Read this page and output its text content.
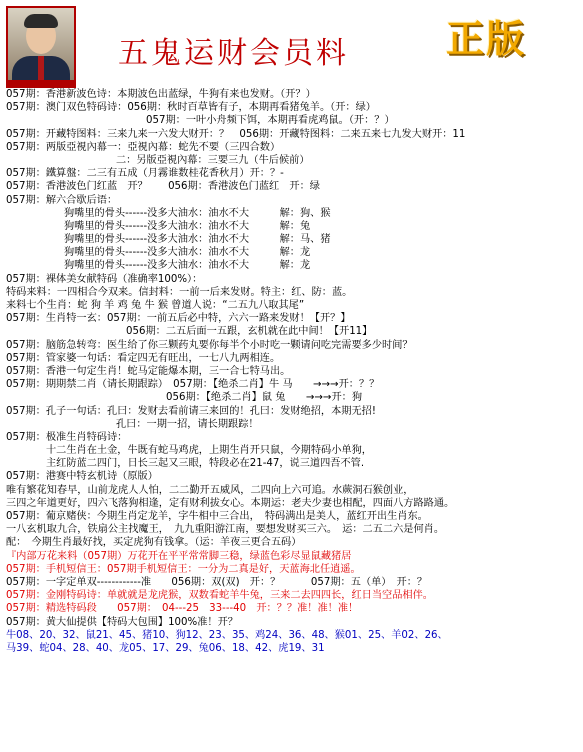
五鬼运财会员料	正版
057期：香港新波色诗：本期波色出蓝绿，牛狗有来也发财。（开？）
057期：澳门双色特码诗：056期：秋时百草皆有子，本期再看猪兔羊。（开：绿）
057期：一叶小舟频下饵，本期再看虎鸡鼠。（开：？）
057期：开藏特图料：三来九来一六发大财开：？　056期：开藏特图料：二来五来七九发大财开：11
057期：两版亞視內幕一：亞視內幕：蛇先不要（三四合数）
二：另版亞視內幕：三要三九（牛后候前）
057期：鐵算盤：二三有五成（月霧谁数桂花香秋月）开：？-
057期：香港波色门红蓝　开？　　056期：香港波色门蓝红　开：绿
057期：解六合歇后语：
狗嘴里的骨头------没多大油水：油水不大　　　解：狗、猴
狗嘴里的骨头------没多大油水：油水不大　　　解：兔
狗嘴里的骨头------没多大油水：油水不大　　　解：马、猪
狗嘴里的骨头------没多大油水：油水不大　　　解：龙
狗嘴里的骨头------没多大油水：油水不大　　　解：龙
057期：裸体美女献特码（准确率100%）：
特码来料：一四相合今双来。信封料：一前一后来发财。特主：红、防：蓝。
来料七个生肖：蛇 狗 羊 鸡 兔 牛 猴 曾道人说：“二五九八取其尾”
057期：生肖特一玄：057期：一前五后必中特，六六一路来发财！【开？】
056期：二五后面一五跟，玄机就在此中间！【开11】
057期：脑筋急转弯：医生给了你三颗药丸要你每半个小时吃一颗请问吃完需要多少时间？
057期：管家婆一句话：看定四无有旺出，一七八九两相连。
057期：香港一句定生肖！蛇马定能爆本期，三一合七特马出。
057期：期期禁二肖（请长期跟踪）　057期：【绝杀二肖】牛 马　　→→→开：？？
056期：【绝杀二肖】鼠 兔　　→→→开：狗
057期：孔子一句话：孔曰：发财去看前请三来回的！孔曰：发财绝招，本期无招!
孔曰：一期一招，请长期跟踪！
057期：极准生肖特码诗：
十二生肖在土金，牛既有蛇马鸡虎，上期生肖开只鼠，今期特码小单狗，
主红防蓝二四门，日长三起又三眼，特段必在21-47，说三道四吾不管.
057期：港赛中特玄机诗（原版）
唯有繁花知春早，山前龙虎人人怕，二二勤开五威风，二四向上六可追。水蕨洞石猴创业，
三四之年道更好，四六飞落狗相逢，定有财利拔女心。本期运：老夫少妻也相配，四面八方路路通。
057期：葡京赌侠：今期生肖定龙羊，字牛相中三合出，　特码满出是美人，蓝红开出生肖东。
一八玄机取九合，铁扇公主找魔王，　九九重阳游江南，要想发财买三六。　运：二五二六是何肖。
配：　今期生肖最好找，买定虎狗有钱拿。（运：羊夜三更合五码）
『内部万花来料（057期）万花开在平平常常脚三稳，绿蓝色彩尽显鼠藏猪居
057期：手机短信王：057期手机短信王：一分为二真是好，天蓝海北任逍遥。
057期：一字定单双------------准　　056期：双(双)　开：？　　　057期：五（单）　开：？
057期：金刚特码诗：单就就是龙虎猴，双数看蛇羊牛兔，三来二去四四长，红日当空品相伴。
057期：精选特码段　　057期：　04---25　33---40　开：？？准！准！准！
057期：黄大仙提供【特码大包围】100%准！开？
牛08、20、32、鼠21、45、猪10、狗12、23、35、鸡24、36、48、猴01、25、羊02、26、
马39、蛇04、28、40、龙05、17、29、兔06、18、42、虎19、31
